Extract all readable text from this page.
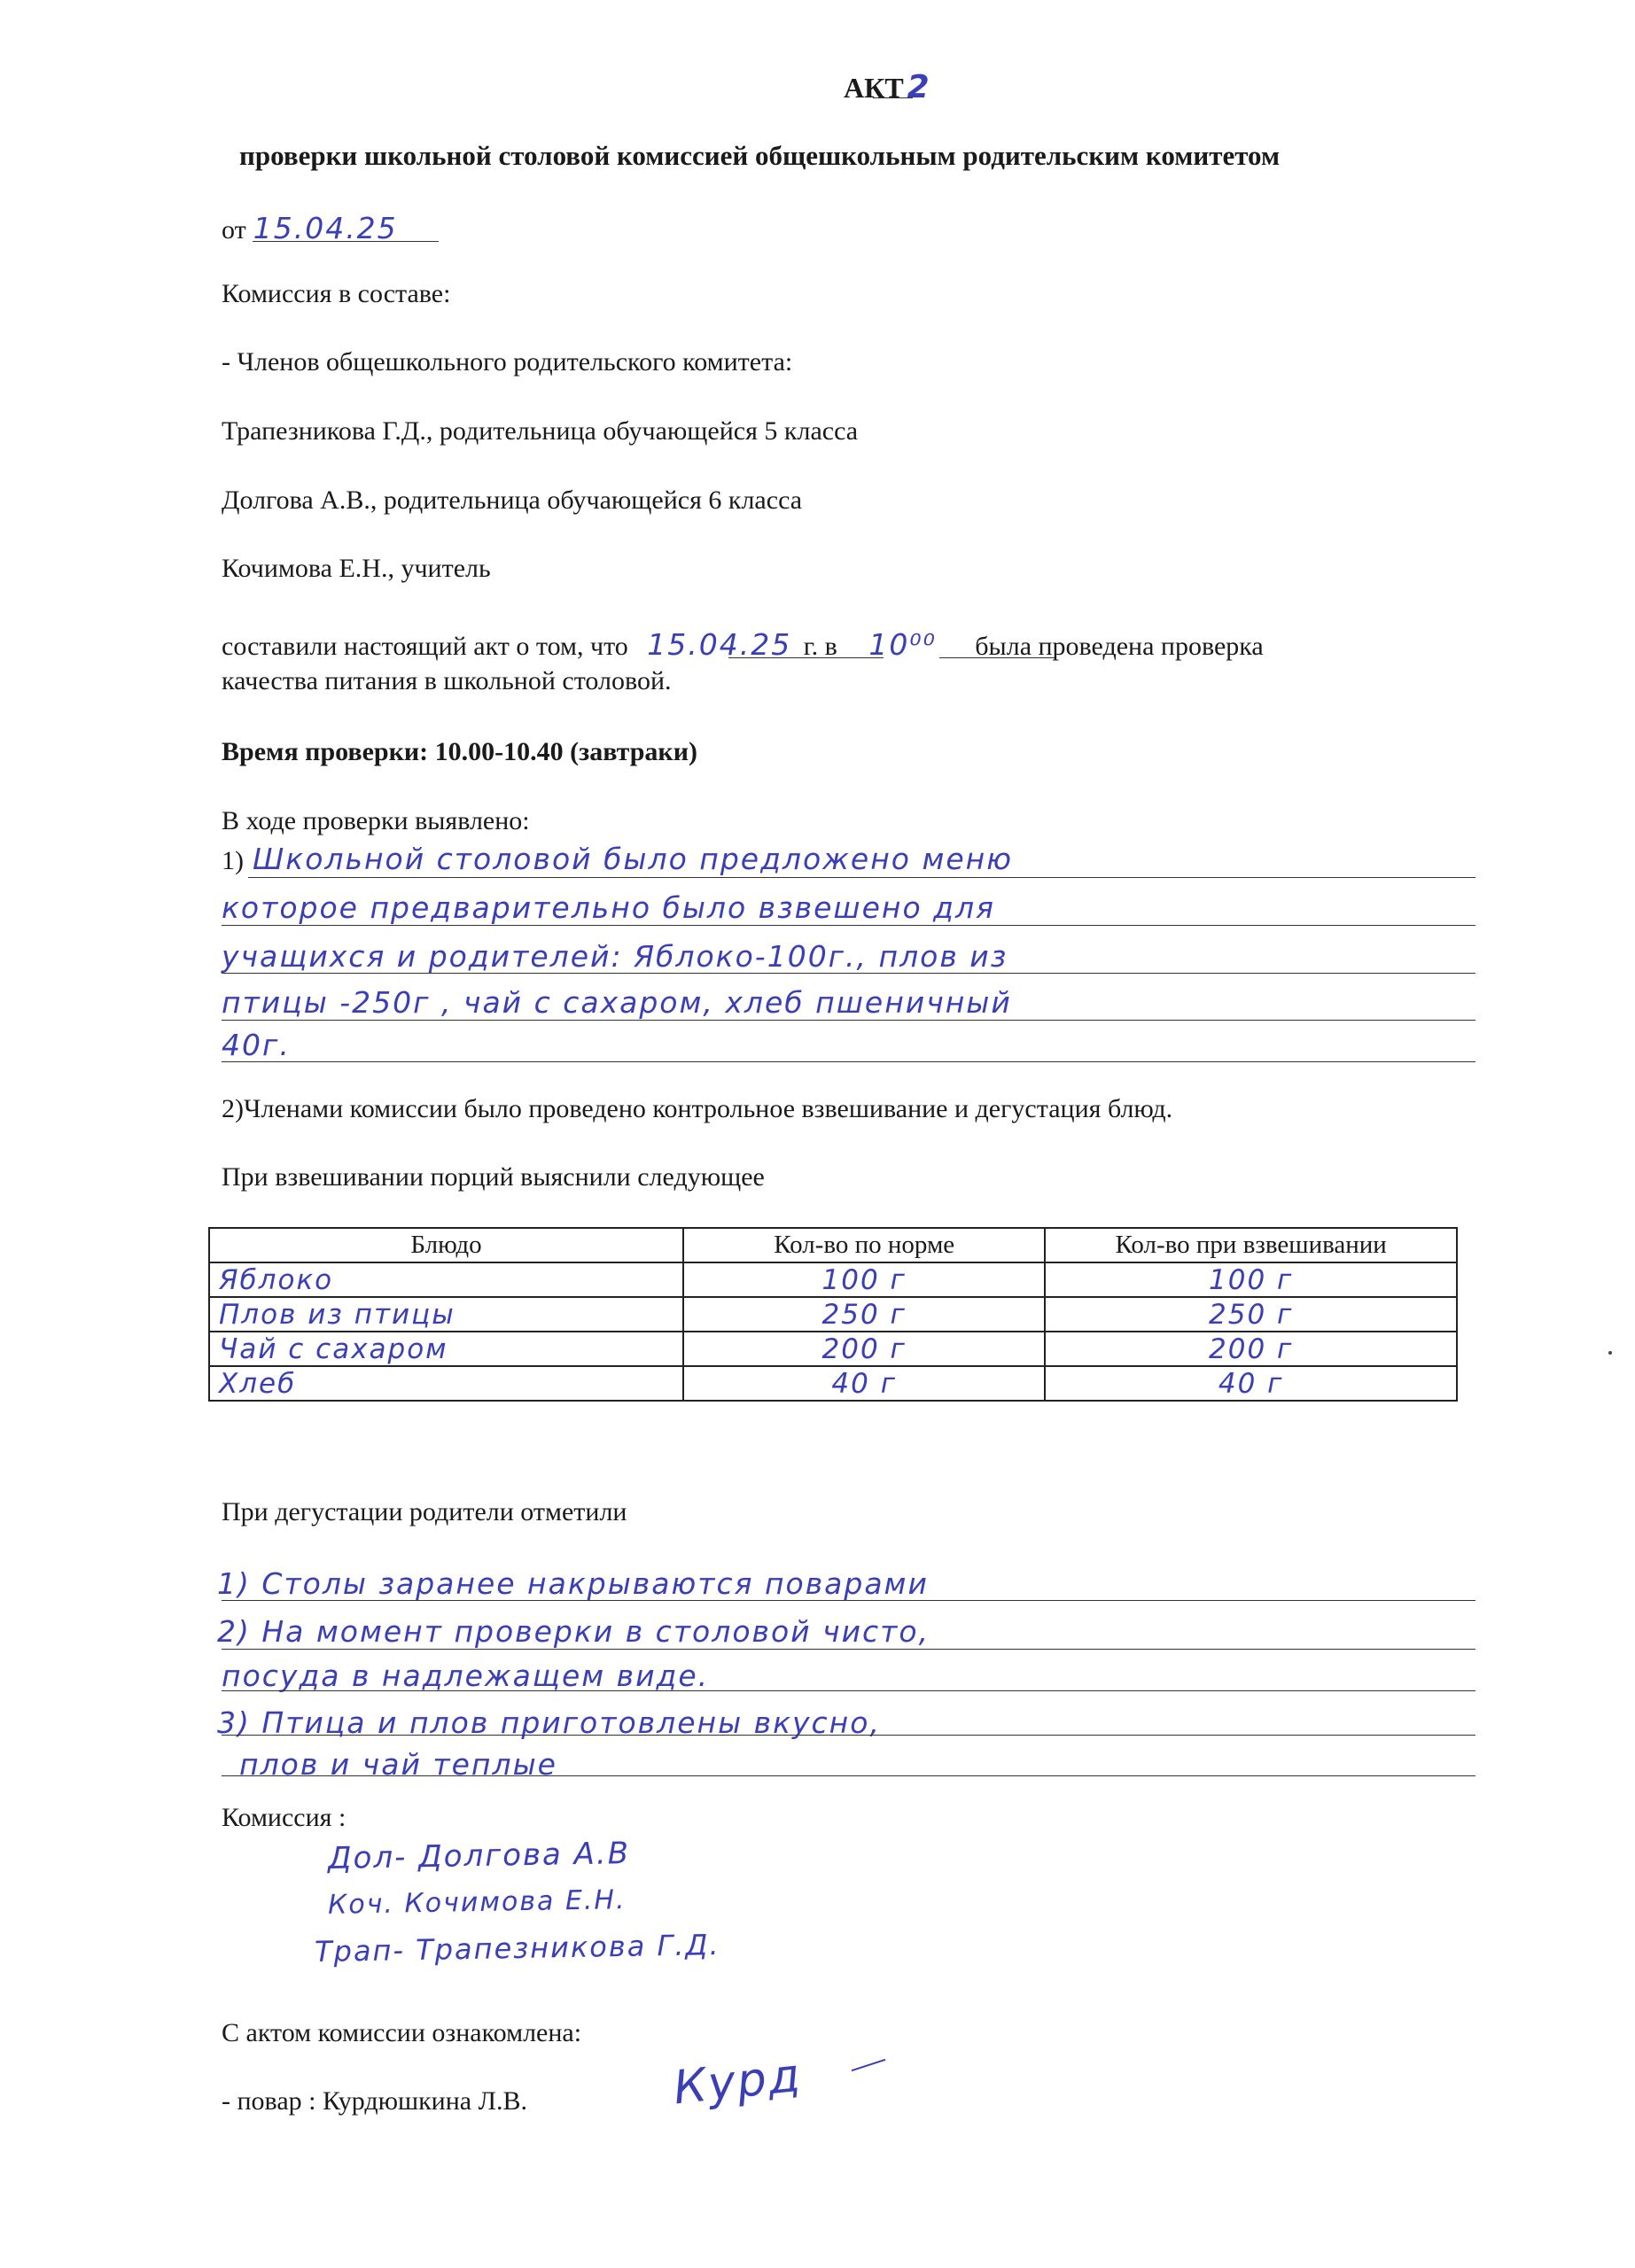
АКТ 2
проверки школьной столовой комиссией общешкольным родительским комитетом
от 15.04.25
Комиссия в составе:
- Членов общешкольного родительского комитета:
Трапезникова Г.Д., родительница обучающейся 5 класса
Долгова А.В., родительница обучающейся 6 класса
Кочимова Е.Н., учитель
составили настоящий акт о том, что 15.04.25 г. в 10⁰⁰ была проведена проверка
качества питания в школьной столовой.
Время проверки: 10.00-10.40 (завтраки)
В ходе проверки выявлено:
1) Школьной столовой было предложено меню
которое предварительно было взвешено для
учащихся и родителей: Яблоко-100г., плов из
птицы -250г , чай с сахаром, хлеб пшеничный
40г.
2)Членами комиссии было проведено контрольное взвешивание и дегустация блюд.
При взвешивании порций выяснили следующее
Блюдо	Кол-во по норме	Кол-во при взвешивании
Яблоко	100 г	100 г
Плов из птицы	250 г	250 г
Чай с сахаром	200 г	200 г
Хлеб	40 г	40 г
При дегустации родители отметили
1) Столы заранее накрываются поварами
2) На момент проверки в столовой чисто,
посуда в надлежащем виде.
3) Птица и плов приготовлены вкусно,
плов и чай теплые
Комиссия :
Дол- Долгова А.В
Коч. Кочимова Е.Н.
Трап- Трапезникова Г.Д.
С актом комиссии ознакомлена:
- повар : Курдюшкина Л.В.	Курд
